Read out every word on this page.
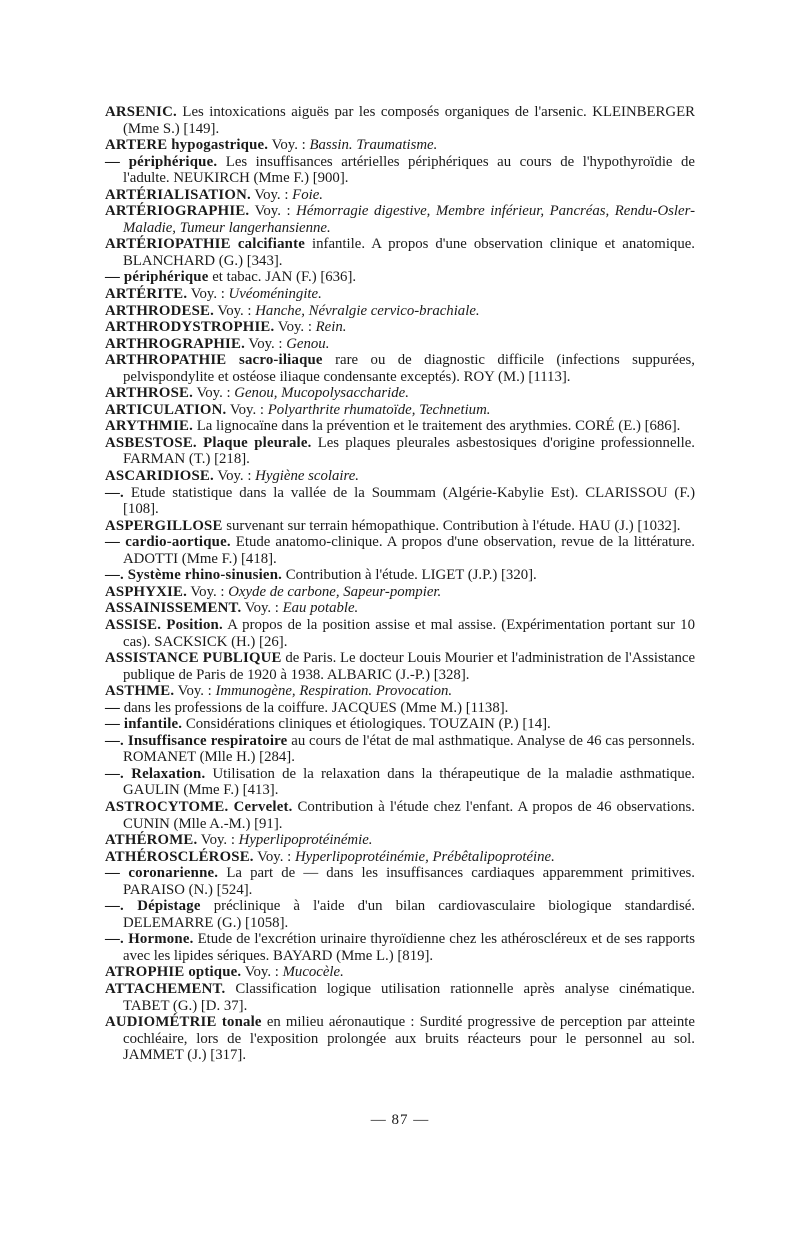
ARSENIC. Les intoxications aiguës par les composés organiques de l'arsenic. KLEINBERGER (Mme S.) [149].

ARTERE hypogastrique. Voy. : Bassin. Traumatisme.

— périphérique. Les insuffisances artérielles périphériques au cours de l'hypothyroïdie de l'adulte. NEUKIRCH (Mme F.) [900].

ARTÉRIALISATION. Voy. : Foie.

ARTÉRIOGRAPHIE. Voy. : Hémorragie digestive, Membre inférieur, Pancréas, Rendu-Osler-Maladie, Tumeur langerhansienne.

ARTÉRIOPATHIE calcifiante infantile. A propos d'une observation clinique et anatomique. BLANCHARD (G.) [343].

— périphérique et tabac. JAN (F.) [636].

ARTÉRITE. Voy. : Uvéoméningite.

ARTHRODESE. Voy. : Hanche, Névralgie cervico-brachiale.

ARTHRODYSTROPHIE. Voy. : Rein.

ARTHROGRAPHIE. Voy. : Genou.

ARTHROPATHIE sacro-iliaque rare ou de diagnostic difficile (infections suppurées, pelvispondylite et ostéose iliaque condensante exceptés). ROY (M.) [1113].

ARTHROSE. Voy. : Genou, Mucopolysaccharide.

ARTICULATION. Voy. : Polyarthrite rhumatoïde, Technetium.

ARYTHMIE. La lignocaïne dans la prévention et le traitement des arythmies. CORÉ (E.) [686].

ASBESTOSE. Plaque pleurale. Les plaques pleurales asbestosiques d'origine professionnelle. FARMAN (T.) [218].

ASCARIDIOSE. Voy. : Hygiène scolaire.

—. Etude statistique dans la vallée de la Soummam (Algérie-Kabylie Est). CLARISSOU (F.) [108].

ASPERGILLOSE survenant sur terrain hémopathique. Contribution à l'étude. HAU (J.) [1032].

— cardio-aortique. Etude anatomo-clinique. A propos d'une observation, revue de la littérature. ADOTTI (Mme F.) [418].

—. Système rhino-sinusien. Contribution à l'étude. LIGET (J.P.) [320].

ASPHYXIE. Voy. : Oxyde de carbone, Sapeur-pompier.

ASSAINISSEMENT. Voy. : Eau potable.

ASSISE. Position. A propos de la position assise et mal assise. (Expérimentation portant sur 10 cas). SACKSICK (H.) [26].

ASSISTANCE PUBLIQUE de Paris. Le docteur Louis Mourier et l'administration de l'Assistance publique de Paris de 1920 à 1938. ALBARIC (J.-P.) [328].

ASTHME. Voy. : Immunogène, Respiration. Provocation.

— dans les professions de la coiffure. JACQUES (Mme M.) [1138].

— infantile. Considérations cliniques et étiologiques. TOUZAIN (P.) [14].

—. Insuffisance respiratoire au cours de l'état de mal asthmatique. Analyse de 46 cas personnels. ROMANET (Mlle H.) [284].

—. Relaxation. Utilisation de la relaxation dans la thérapeutique de la maladie asthmatique. GAULIN (Mme F.) [413].

ASTROCYTOME. Cervelet. Contribution à l'étude chez l'enfant. A propos de 46 observations. CUNIN (Mlle A.-M.) [91].

ATHÉROME. Voy. : Hyperlipoprotéinémie.

ATHÉROSCLÉROSE. Voy. : Hyperlipoprotéinémie, Prébêtalipoprotéine.

— coronarienne. La part de — dans les insuffisances cardiaques apparemment primitives. PARAISO (N.) [524].

—. Dépistage préclinique à l'aide d'un bilan cardiovasculaire biologique standardisé. DELEMARRE (G.) [1058].

—. Hormone. Etude de l'excrétion urinaire thyroïdienne chez les athéroscléreux et de ses rapports avec les lipides sériques. BAYARD (Mme L.) [819].

ATROPHIE optique. Voy. : Mucocèle.

ATTACHEMENT. Classification logique utilisation rationnelle après analyse cinématique. TABET (G.) [D. 37].

AUDIOMÉTRIE tonale en milieu aéronautique : Surdité progressive de perception par atteinte cochléaire, lors de l'exposition prolongée aux bruits réacteurs pour le personnel au sol. JAMMET (J.) [317].

— 87 —
